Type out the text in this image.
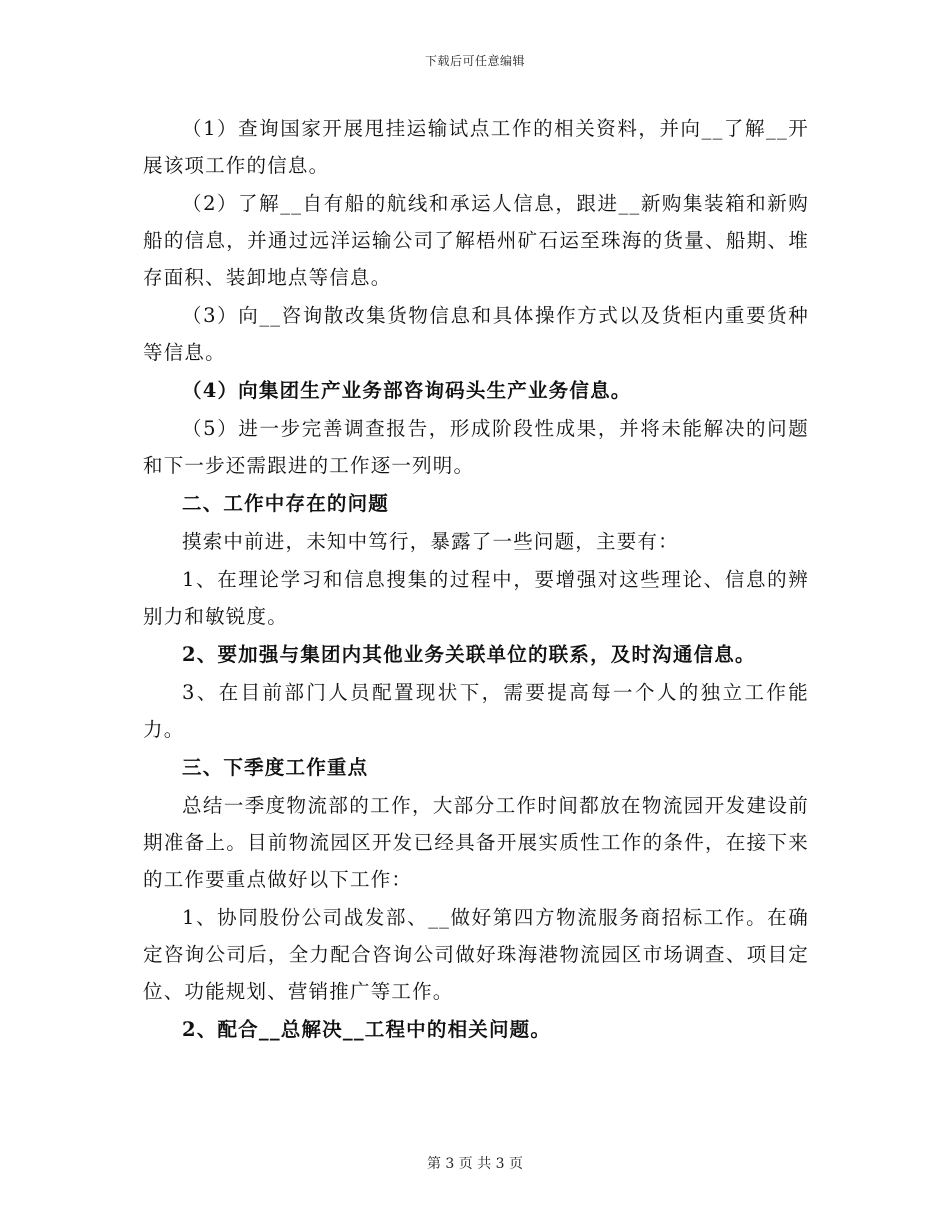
下载后可任意编辑

（1）查询国家开展甩挂运输试点工作的相关资料，并向__了解__开展该项工作的信息。

（2）了解__自有船的航线和承运人信息，跟进__新购集装箱和新购船的信息，并通过远洋运输公司了解梧州矿石运至珠海的货量、船期、堆存面积、装卸地点等信息。

（3）向__咨询散改集货物信息和具体操作方式以及货柜内重要货种等信息。

（4）向集团生产业务部咨询码头生产业务信息。

（5）进一步完善调查报告，形成阶段性成果，并将未能解决的问题和下一步还需跟进的工作逐一列明。

二、工作中存在的问题

摸索中前进，未知中笃行，暴露了一些问题，主要有：

1、在理论学习和信息搜集的过程中，要增强对这些理论、信息的辨别力和敏锐度。

2、要加强与集团内其他业务关联单位的联系，及时沟通信息。

3、在目前部门人员配置现状下，需要提高每一个人的独立工作能力。

三、下季度工作重点

总结一季度物流部的工作，大部分工作时间都放在物流园开发建设前期准备上。目前物流园区开发已经具备开展实质性工作的条件，在接下来的工作要重点做好以下工作：

1、协同股份公司战发部、__做好第四方物流服务商招标工作。在确定咨询公司后，全力配合咨询公司做好珠海港物流园区市场调查、项目定位、功能规划、营销推广等工作。

2、配合__总解决__工程中的相关问题。

第 3 页 共 3 页
